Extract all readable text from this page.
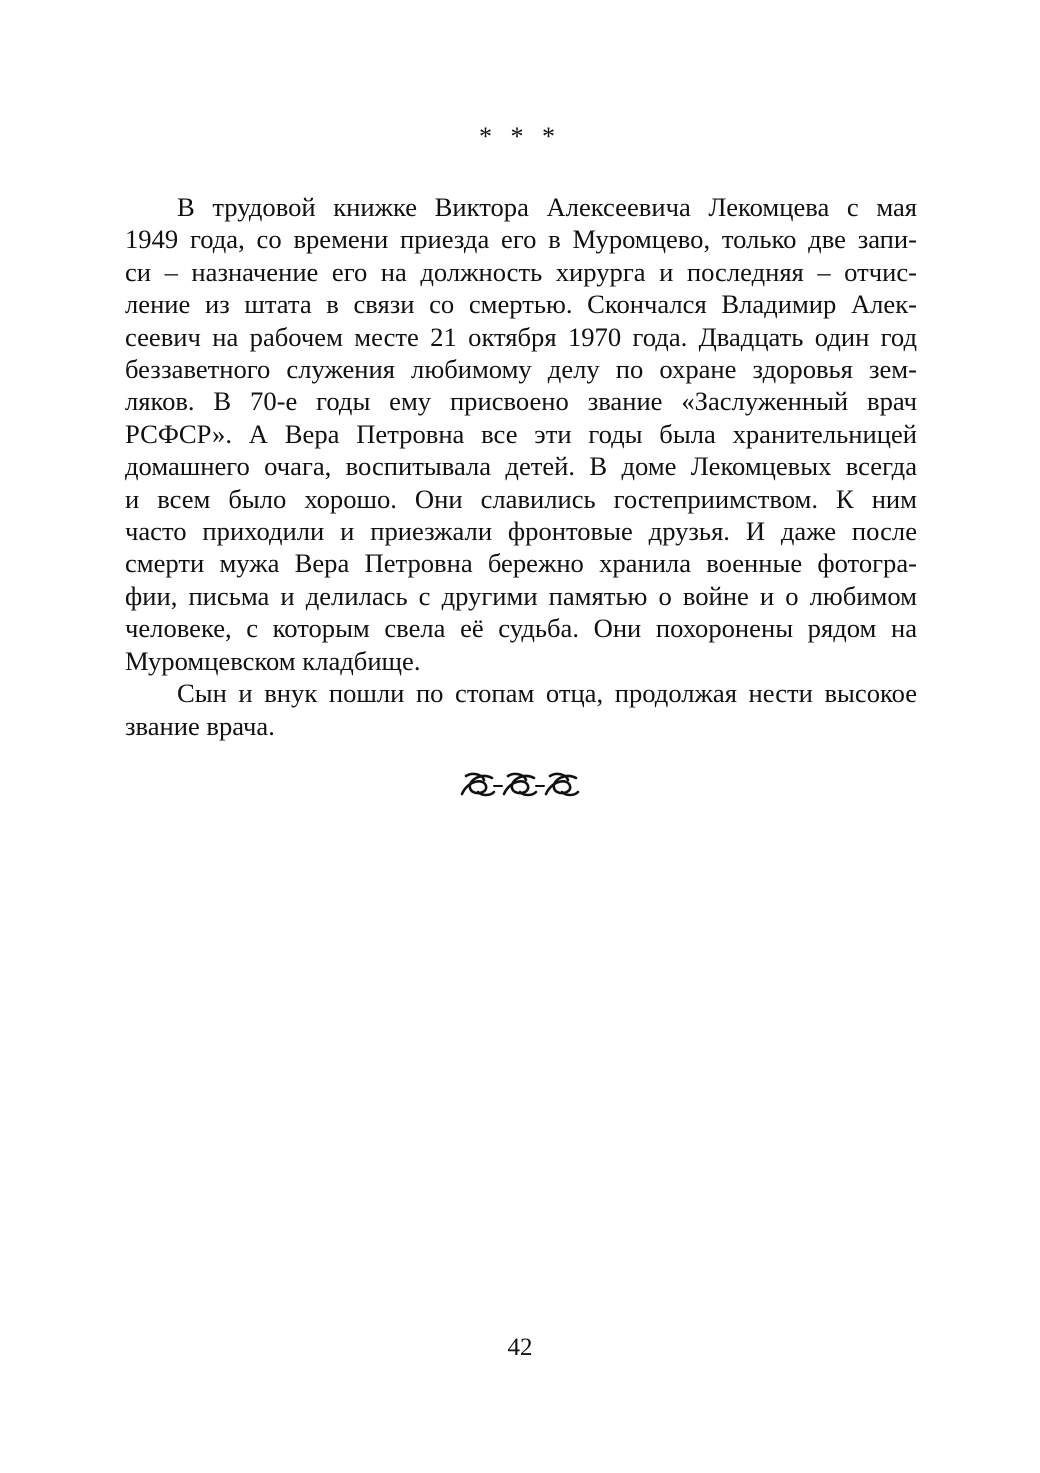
* * *
В трудовой книжке Виктора Алексеевича Лекомцева с мая
1949 года, со времени приезда его в Муромцево, только две запи-
си – назначение его на должность хирурга и последняя – отчис-
ление из штата в связи со смертью. Скончался Владимир Алек-
сеевич на рабочем месте 21 октября 1970 года. Двадцать один год
беззаветного служения любимому делу по охране здоровья зем-
ляков. В 70-е годы ему присвоено звание «Заслуженный врач
РСФСР». А Вера Петровна все эти годы была хранительницей
домашнего очага, воспитывала детей. В доме Лекомцевых всегда
и всем было хорошо. Они славились гостеприимством. К ним
часто приходили и приезжали фронтовые друзья. И даже после
смерти мужа Вера Петровна бережно хранила военные фотогра-
фии, письма и делилась с другими памятью о войне и о любимом
человеке, с которым свела её судьба. Они похоронены рядом на
Муромцевском кладбище.
Сын и внук пошли по стопам отца, продолжая нести высокое
звание врача.
42
